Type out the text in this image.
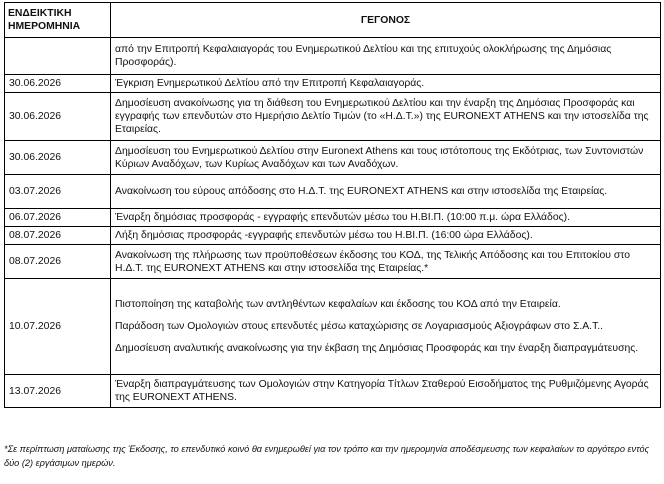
ΕΝΔΕΙΚΤΙΚΗ ΗΜΕΡΟΜΗΝΙΑ	ΓΕΓΟΝΟΣ

	από την Επιτροπή Κεφαλαιαγοράς του Ενημερωτικού Δελτίου και της επιτυχούς ολοκλήρωσης της Δημόσιας Προσφοράς).

30.06.2026	Έγκριση Ενημερωτικού Δελτίου από την Επιτροπή Κεφαλαιαγοράς.

30.06.2026	Δημοσίευση ανακοίνωσης για τη διάθεση του Ενημερωτικού Δελτίου και την έναρξη της Δημόσιας Προσφοράς και εγγραφής των επενδυτών στο Ημερήσιο Δελτίο Τιμών (το «Η.Δ.Τ.») της EURONEXT ATHENS και την ιστοσελίδα της Εταιρείας.

30.06.2026	Δημοσίευση του Ενημερωτικού Δελτίου στην Euronext Athens και τους ιστότοπους της Εκδότριας, των Συντονιστών Κύριων Αναδόχων, των Κυρίως Αναδόχων και των Αναδόχων.

03.07.2026	Ανακοίνωση του εύρους απόδοσης στο Η.Δ.Τ. της EURONEXT ATHENS και στην ιστοσελίδα της Εταιρείας.

06.07.2026	Έναρξη δημόσιας προσφοράς - εγγραφής επενδυτών μέσω του Η.ΒΙ.Π. (10:00 π.μ. ώρα Ελλάδος).

08.07.2026	Λήξη δημόσιας προσφοράς -εγγραφής επενδυτών μέσω του Η.ΒΙ.Π. (16:00 ώρα Ελλάδος).

08.07.2026	Ανακοίνωση της πλήρωσης των προϋποθέσεων έκδοσης του ΚΟΔ, της Τελικής Απόδοσης και του Επιτοκίου στο Η.Δ.Τ. της EURONEXT ATHENS και στην ιστοσελίδα της Εταιρείας.*

10.07.2026	Πιστοποίηση της καταβολής των αντληθέντων κεφαλαίων και έκδοσης του ΚΟΔ από την Εταιρεία.
Παράδοση των Ομολογιών στους επενδυτές μέσω καταχώρισης σε Λογαριασμούς Αξιογράφων στο Σ.Α.Τ..
Δημοσίευση αναλυτικής ανακοίνωσης για την έκβαση της Δημόσιας Προσφοράς και την έναρξη διαπραγμάτευσης.

13.07.2026	Έναρξη διαπραγμάτευσης των Ομολογιών στην Κατηγορία Τίτλων Σταθερού Εισοδήματος της Ρυθμιζόμενης Αγοράς της EURONEXT ATHENS.
*Σε περίπτωση ματαίωσης της Έκδοσης, το επενδυτικό κοινό θα ενημερωθεί για τον τρόπο και την ημερομηνία αποδέσμευσης των κεφαλαίων το αργότερο εντός δύο (2) εργάσιμων ημερών.
